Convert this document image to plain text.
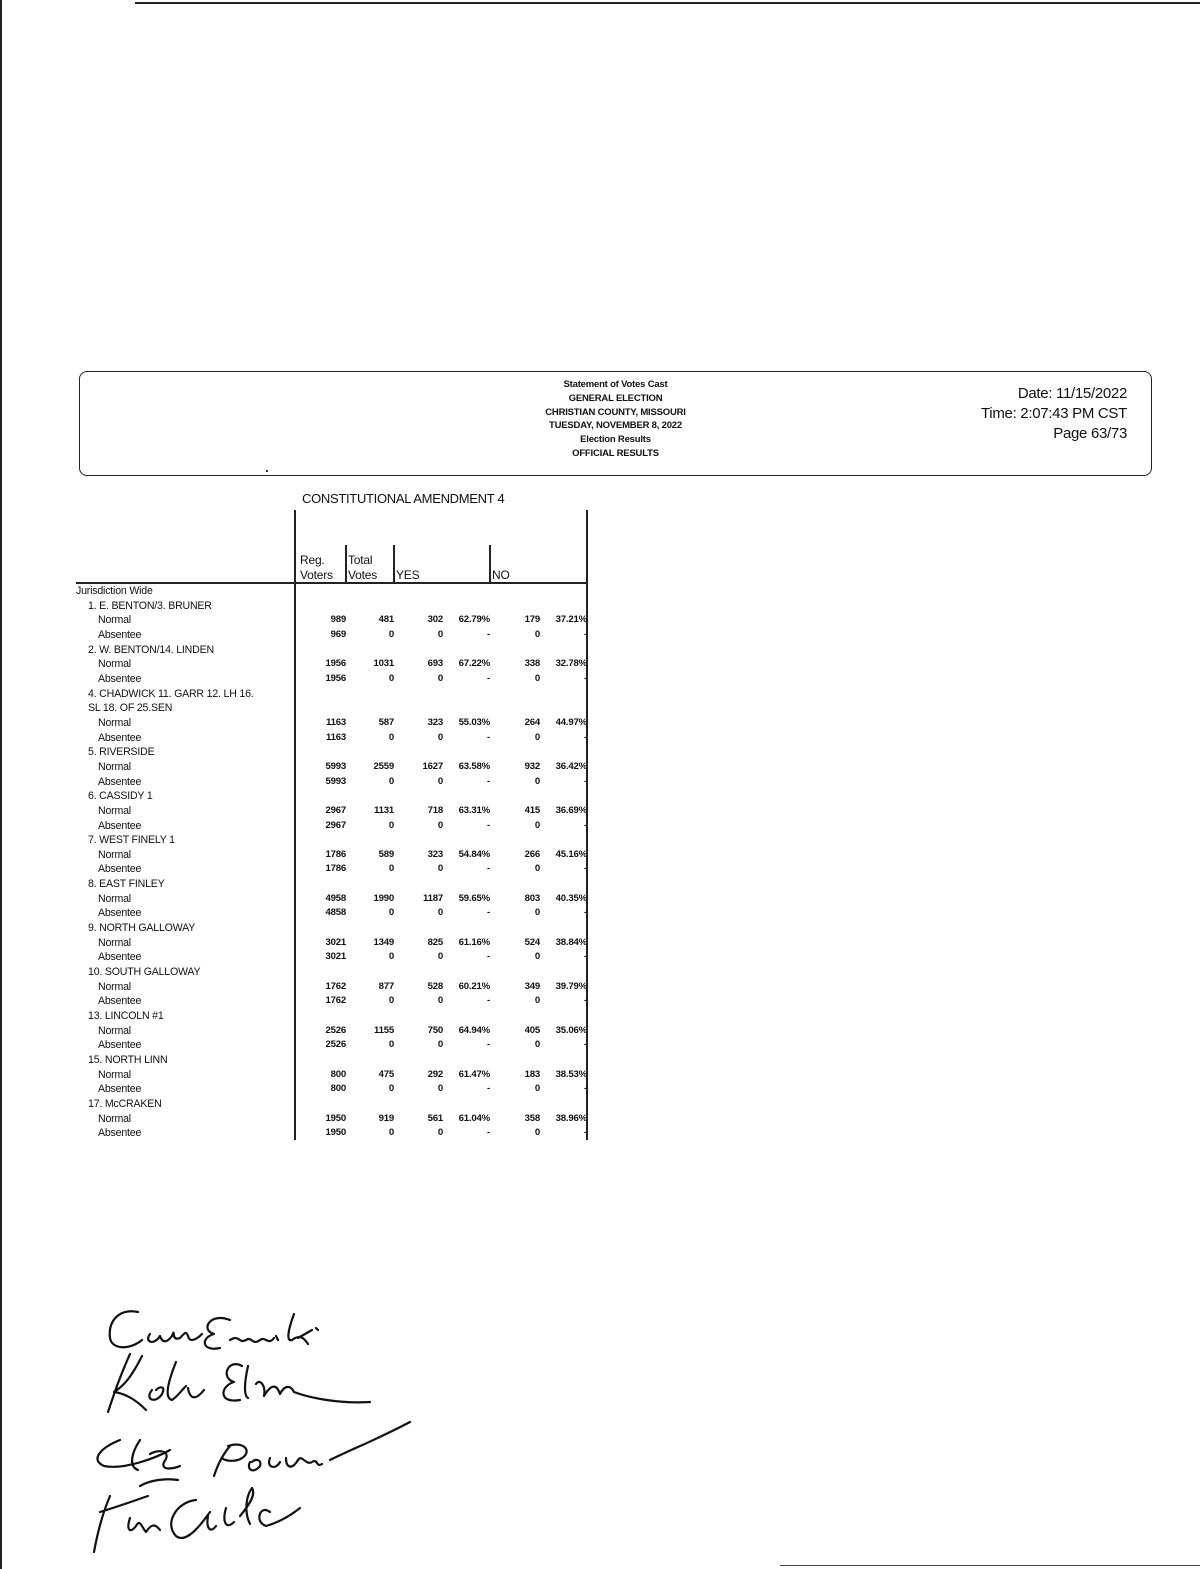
Statement of Votes Cast
GENERAL ELECTION
CHRISTIAN COUNTY, MISSOURI
TUESDAY, NOVEMBER 8, 2022
Election Results
OFFICIAL RESULTS
Date: 11/15/2022
Time: 2:07:43 PM CST
Page 63/73
CONSTITUTIONAL AMENDMENT 4
Reg.
Voters
Total
Votes YES	NO
Jurisdiction Wide
1. E. BENTON/3. BRUNER
Normal	989	481	302 62.79%	179 37.21%
Absentee	969	0	0	-	0	-
2. W. BENTON/14. LINDEN
Normal	1956	1031	693 67.22%	338 32.78%
Absentee	1956	0	0	-	0	-
4. CHADWICK 11. GARR 12. LH 16.
SL 18. OF 25.SEN
Normal	1163	587	323 55.03%	264 44.97%
Absentee	1163	0	0	-	0	-
5. RIVERSIDE
Normal	5993	2559	1627 63.58%	932 36.42%
Absentee	5993	0	0	-	0	-
6. CASSIDY 1
Normal	2967	1131	718 63.31%	415 36.69%
Absentee	2967	0	0	-	0	-
7. WEST FINELY 1
Normal	1786	589	323 54.84%	266 45.16%
Absentee	1786	0	0	-	0	-
8. EAST FINLEY
Normal	4958	1990	1187 59.65%	803 40.35%
Absentee	4858	0	0	-	0	-
9. NORTH GALLOWAY
Normal	3021	1349	825 61.16%	524 38.84%
Absentee	3021	0	0	-	0	-
10. SOUTH GALLOWAY
Normal	1762	877	528 60.21%	349 39.79%
Absentee	1762	0	0	-	0	-
13. LINCOLN #1
Normal	2526	1155	750 64.94%	405 35.06%
Absentee	2526	0	0	-	0	-
15. NORTH LINN
Normal	800	475	292 61.47%	183 38.53%
Absentee	800	0	0	-	0	-
17. McCRAKEN
Normal	1950	919	561 61.04%	358 38.96%
Absentee	1950	0	0	-	0	-
